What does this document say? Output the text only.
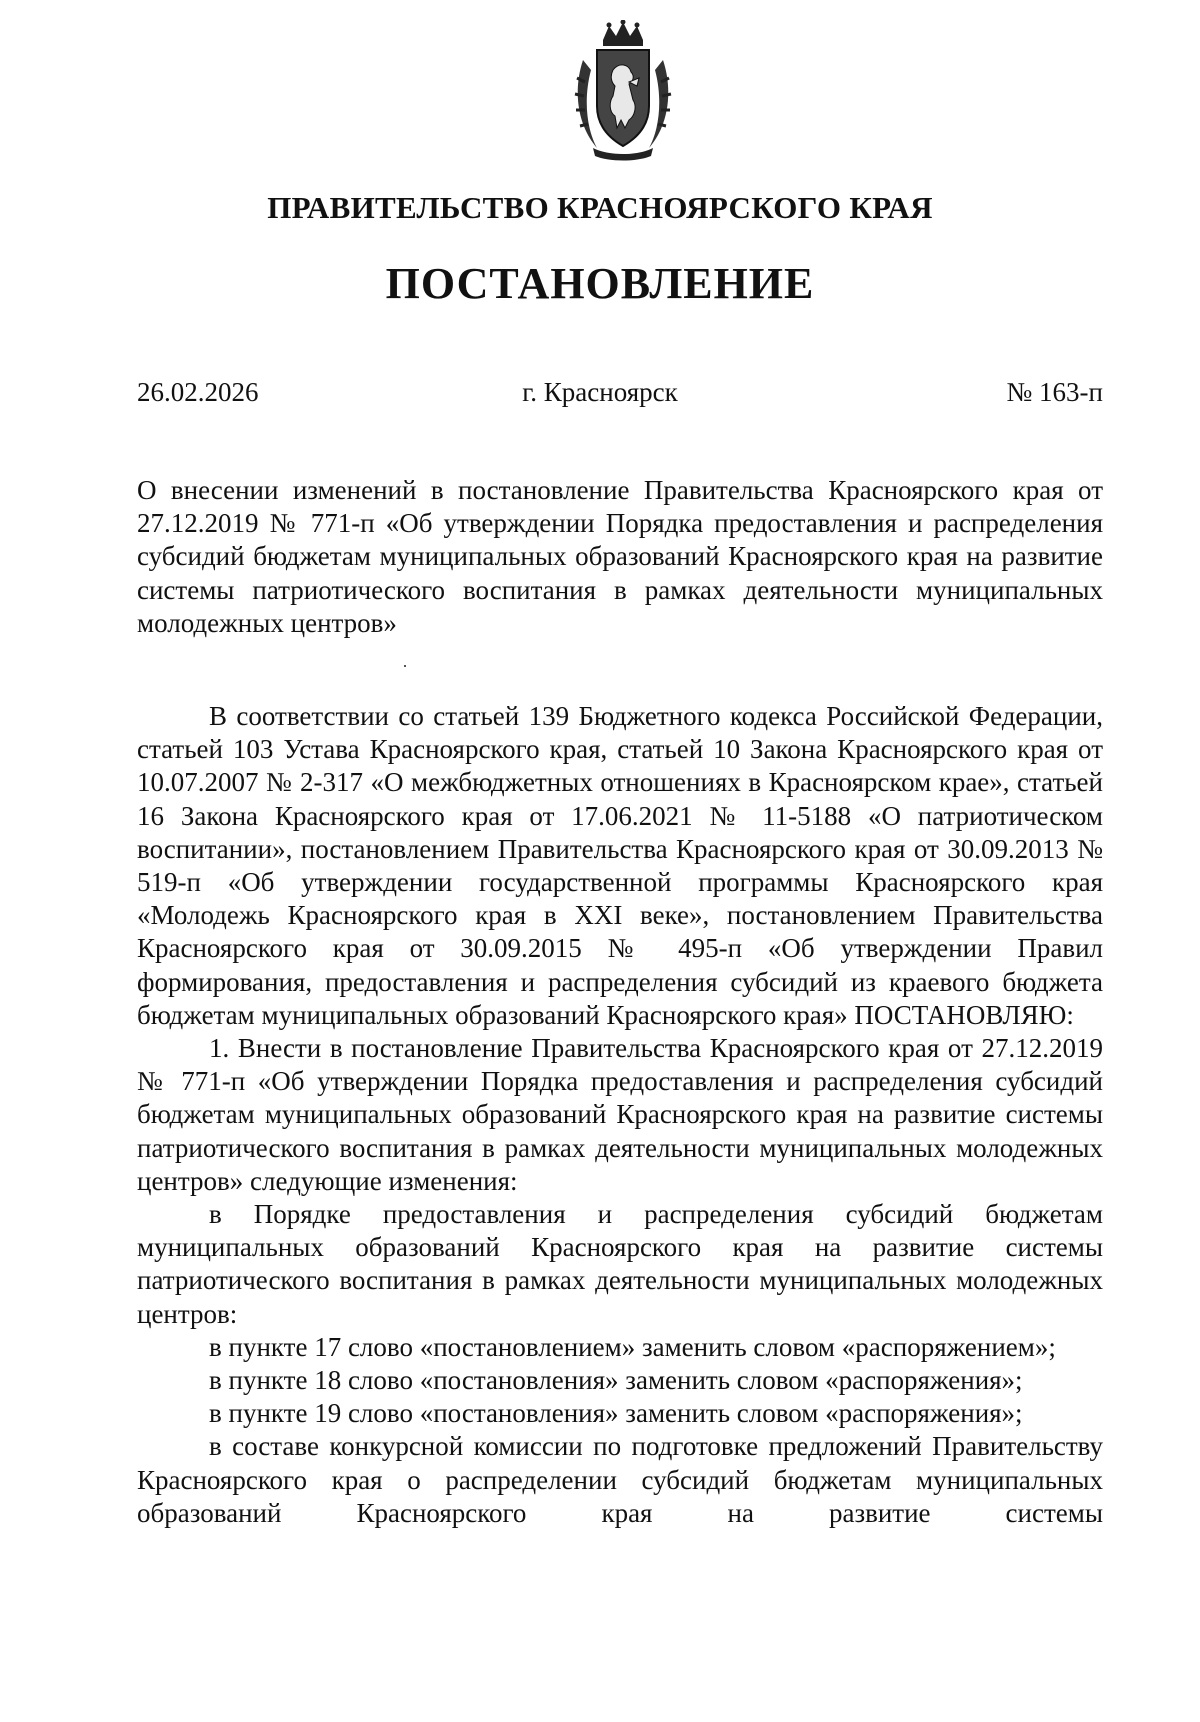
ПРАВИТЕЛЬСТВО КРАСНОЯРСКОГО КРАЯ
ПОСТАНОВЛЕНИЕ
26.02.2026	г. Красноярск	№ 163-п
О внесении изменений в постановление Правительства Красноярского края от 27.12.2019 № 771-п «Об утверждении Порядка предоставления и распределения субсидий бюджетам муниципальных образований Красноярского края на развитие системы патриотического воспитания в рамках деятельности муниципальных молодежных центров»

В соответствии со статьей 139 Бюджетного кодекса Российской Федерации, статьей 103 Устава Красноярского края, статьей 10 Закона Красноярского края от 10.07.2007 № 2-317 «О межбюджетных отношениях в Красноярском крае», статьей 16 Закона Красноярского края от 17.06.2021 № 11-5188 «О патриотическом воспитании», постановлением Правительства Красноярского края от 30.09.2013 № 519-п «Об утверждении государственной программы Красноярского края «Молодежь Красноярского края в XXI веке», постановлением Правительства Красноярского края от 30.09.2015 № 495-п «Об утверждении Правил формирования, предоставления и распределения субсидий из краевого бюджета бюджетам муниципальных образований Красноярского края» ПОСТАНОВЛЯЮ:

1. Внести в постановление Правительства Красноярского края от 27.12.2019 № 771-п «Об утверждении Порядка предоставления и распределения субсидий бюджетам муниципальных образований Красноярского края на развитие системы патриотического воспитания в рамках деятельности муниципальных молодежных центров» следующие изменения:

в Порядке предоставления и распределения субсидий бюджетам муниципальных образований Красноярского края на развитие системы патриотического воспитания в рамках деятельности муниципальных молодежных центров:

в пункте 17 слово «постановлением» заменить словом «распоряжением»;

в пункте 18 слово «постановления» заменить словом «распоряжения»;

в пункте 19 слово «постановления» заменить словом «распоряжения»;

в составе конкурсной комиссии по подготовке предложений Правительству Красноярского края о распределении субсидий бюджетам муниципальных образований Красноярского края на развитие системы
